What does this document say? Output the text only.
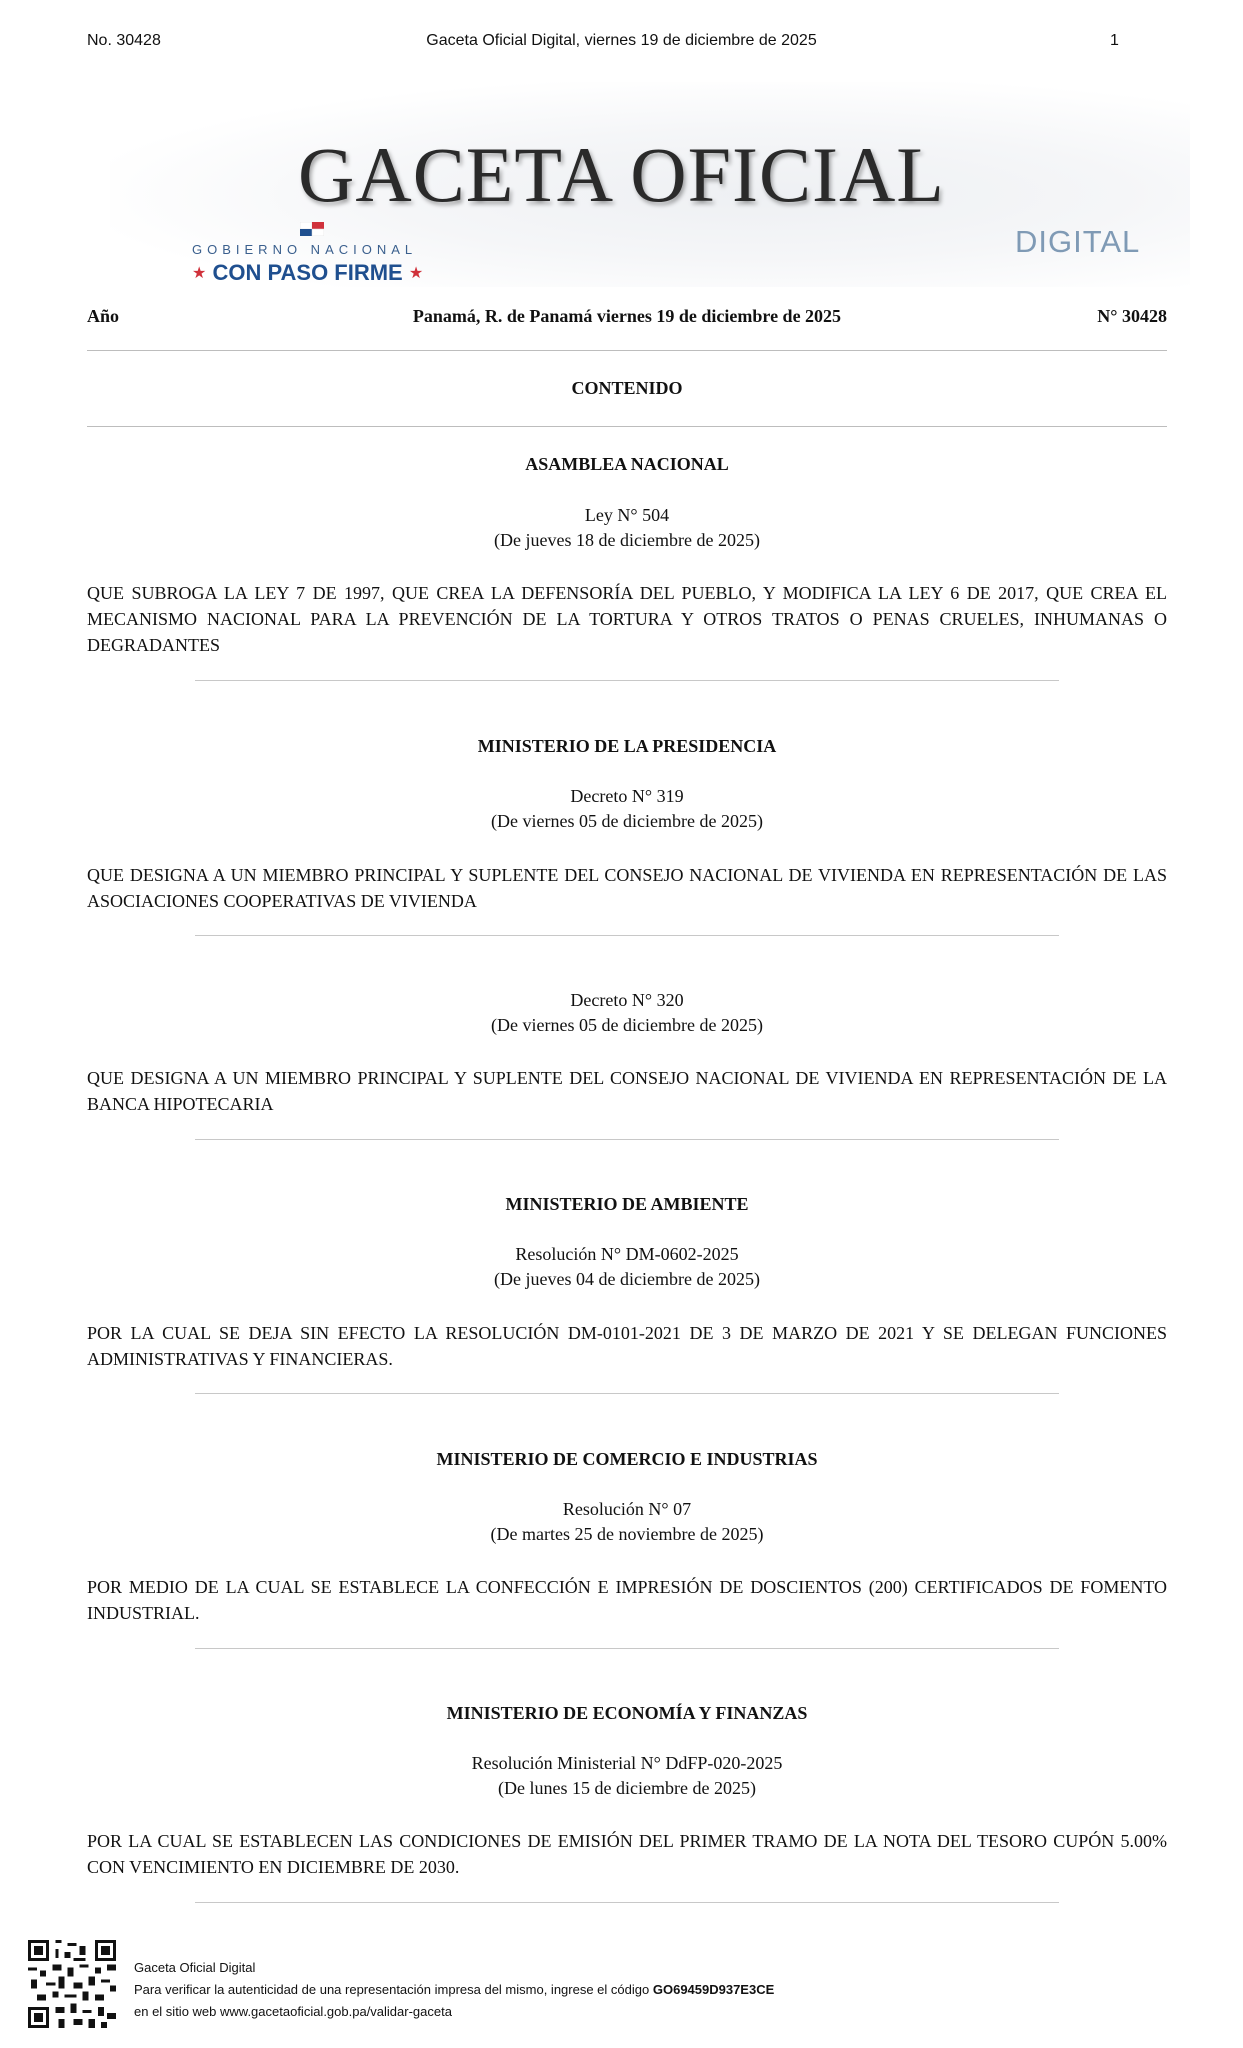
No. 30428	Gaceta Oficial Digital, viernes 19 de diciembre de 2025	1
GACETA OFICIAL
DIGITAL
GOBIERNO NACIONAL
★ CON PASO FIRME ★
Año	Panamá, R. de Panamá viernes 19 de diciembre de 2025	N° 30428
CONTENIDO
ASAMBLEA NACIONAL
Ley N° 504
(De jueves 18 de diciembre de 2025)
QUE SUBROGA LA LEY 7 DE 1997, QUE CREA LA DEFENSORÍA DEL PUEBLO, Y MODIFICA LA LEY 6 DE 2017, QUE CREA EL MECANISMO NACIONAL PARA LA PREVENCIÓN DE LA TORTURA Y OTROS TRATOS O PENAS CRUELES, INHUMANAS O DEGRADANTES
MINISTERIO DE LA PRESIDENCIA
Decreto N° 319
(De viernes 05 de diciembre de 2025)
QUE DESIGNA A UN MIEMBRO PRINCIPAL Y SUPLENTE DEL CONSEJO NACIONAL DE VIVIENDA EN REPRESENTACIÓN DE LAS ASOCIACIONES COOPERATIVAS DE VIVIENDA
Decreto N° 320
(De viernes 05 de diciembre de 2025)
QUE DESIGNA A UN MIEMBRO PRINCIPAL Y SUPLENTE DEL CONSEJO NACIONAL DE VIVIENDA EN REPRESENTACIÓN DE LA BANCA HIPOTECARIA
MINISTERIO DE AMBIENTE
Resolución N° DM-0602-2025
(De jueves 04 de diciembre de 2025)
POR LA CUAL SE DEJA SIN EFECTO LA RESOLUCIÓN DM-0101-2021 DE 3 DE MARZO DE 2021 Y SE DELEGAN FUNCIONES ADMINISTRATIVAS Y FINANCIERAS.
MINISTERIO DE COMERCIO E INDUSTRIAS
Resolución N° 07
(De martes 25 de noviembre de 2025)
POR MEDIO DE LA CUAL SE ESTABLECE LA CONFECCIÓN E IMPRESIÓN DE DOSCIENTOS (200) CERTIFICADOS DE FOMENTO INDUSTRIAL.
MINISTERIO DE ECONOMÍA Y FINANZAS
Resolución Ministerial N° DdFP-020-2025
(De lunes 15 de diciembre de 2025)
POR LA CUAL SE ESTABLECEN LAS CONDICIONES DE EMISIÓN DEL PRIMER TRAMO DE LA NOTA DEL TESORO CUPÓN 5.00% CON VENCIMIENTO EN DICIEMBRE DE 2030.
Gaceta Oficial Digital
Para verificar la autenticidad de una representación impresa del mismo, ingrese el código GO69459D937E3CE
en el sitio web www.gacetaoficial.gob.pa/validar-gaceta
